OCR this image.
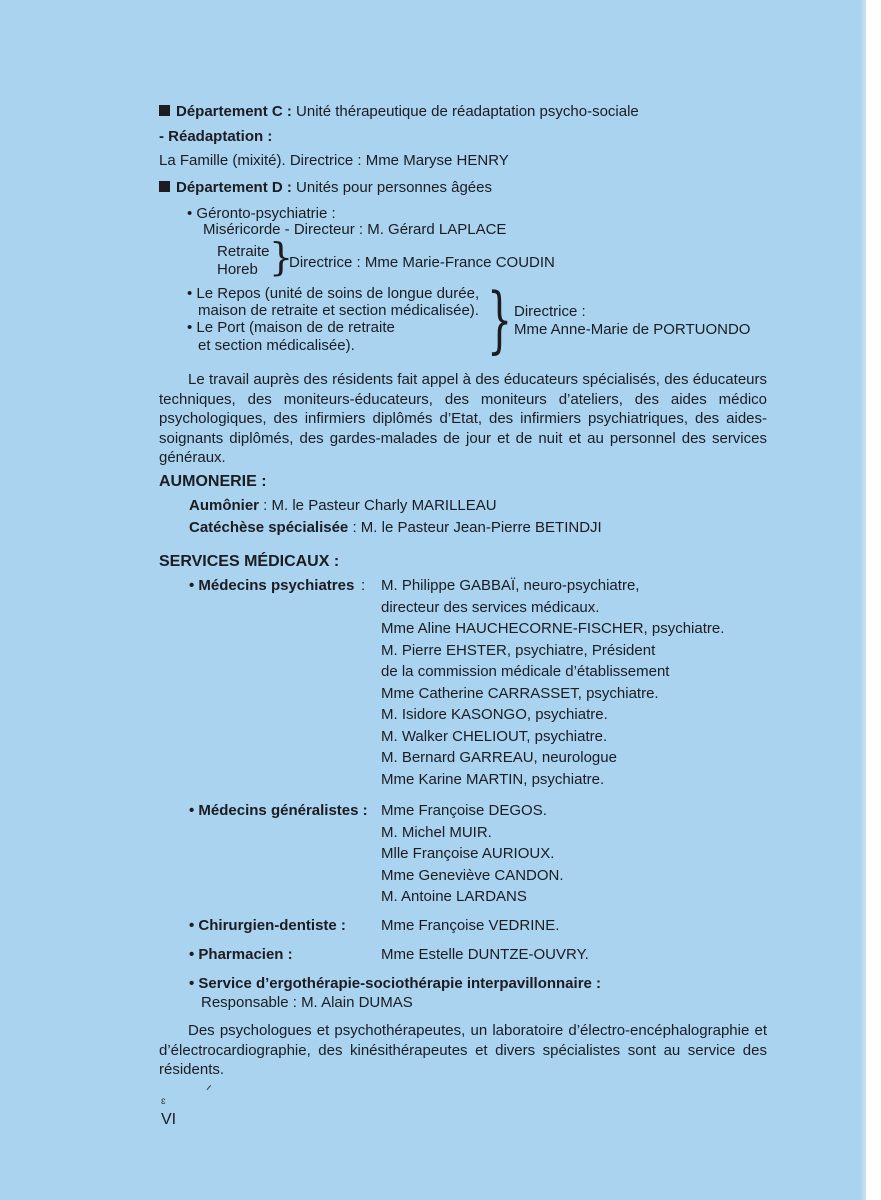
Département C : Unité thérapeutique de réadaptation psycho-sociale
- Réadaptation :
La Famille (mixité). Directrice : Mme Maryse HENRY
Département D : Unités pour personnes âgées
• Géronto-psychiatrie :
Miséricorde - Directeur : M. Gérard LAPLACE
Retraite
Horeb }
Directrice : Mme Marie-France COUDIN
• Le Repos (unité de soins de longue durée,
maison de retraite et section médicalisée).
• Le Port (maison de de retraite
et section médicalisée). } Directrice :
Mme Anne-Marie de PORTUONDO
Le travail auprès des résidents fait appel à des éducateurs spécialisés, des éducateurs techniques, des moniteurs-éducateurs, des moniteurs d’ateliers, des aides médico psychologiques, des infirmiers diplômés d’Etat, des infirmiers psychiatriques, des aides-soignants diplômés, des gardes-malades de jour et de nuit et au personnel des services généraux.
AUMONERIE :
Aumônier : M. le Pasteur Charly MARILLEAU
Catéchèse spécialisée : M. le Pasteur Jean-Pierre BETINDJI
SERVICES MÉDICAUX :
• Médecins psychiatres : M. Philippe GABBAÏ, neuro-psychiatre,
directeur des services médicaux.
Mme Aline HAUCHECORNE-FISCHER, psychiatre.
M. Pierre EHSTER, psychiatre, Président
de la commission médicale d’établissement
Mme Catherine CARRASSET, psychiatre.
M. Isidore KASONGO, psychiatre.
M. Walker CHELIOUT, psychiatre.
M. Bernard GARREAU, neurologue
Mme Karine MARTIN, psychiatre.
• Médecins généralistes : Mme Françoise DEGOS.
M. Michel MUIR.
Mlle Françoise AURIOUX.
Mme Geneviève CANDON.
M. Antoine LARDANS
• Chirurgien-dentiste : Mme Françoise VEDRINE.
• Pharmacien :	Mme Estelle DUNTZE-OUVRY.
• Service d’ergothérapie-sociothérapie interpavillonnaire :
Responsable : M. Alain DUMAS
Des psychologues et psychothérapeutes, un laboratoire d’électro-encéphalographie et d’électrocardiographie, des kinésithérapeutes et divers spécialistes sont au service des résidents.
ᐟ
ɛ
VI
